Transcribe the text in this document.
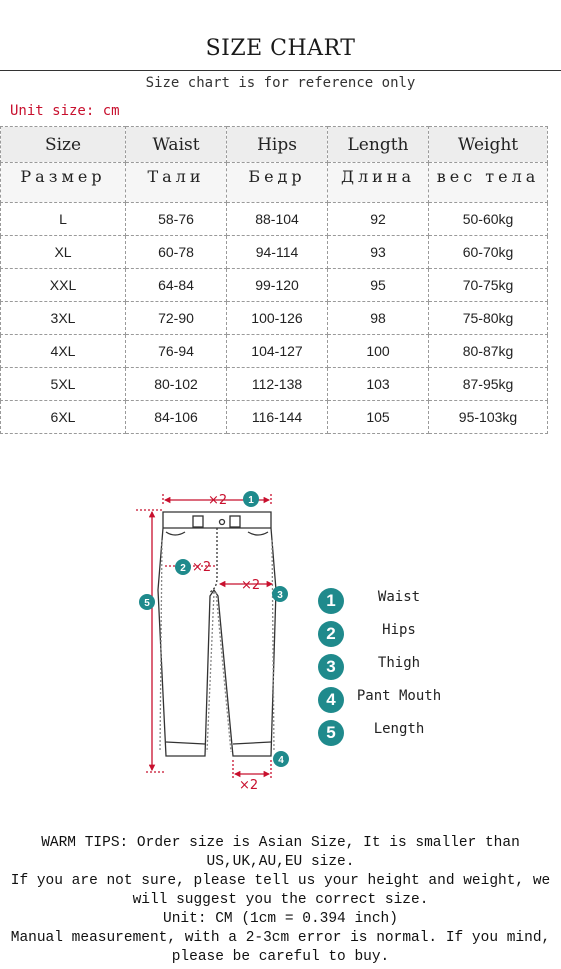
SIZE CHART
Size chart is for reference only
Unit size: cm
Size	Waist	Hips	Length	Weight
Размер	Тали	Бедр	Длина	вес тела
L	58-76	88-104	92	50-60kg
XL	60-78	94-114	93	60-70kg
XXL	64-84	99-120	95	70-75kg
3XL	72-90	100-126	98	75-80kg
4XL	76-94	104-127	100	80-87kg
5XL	80-102	112-138	103	87-95kg
6XL	84-106	116-144	105	95-103kg
×2 1
2 ×2
×2
3
5
×2
4
1	Waist
2	Hips
3	Thigh
4	Pant Mouth
5	Length

WARM TIPS: Order size is Asian Size, It is smaller than US,UK,AU,EU size.

If you are not sure, please tell us your height and weight, we will suggest you the correct size.

Unit: CM (1cm = 0.394 inch)

Manual measurement, with a 2-3cm error is normal. If you mind, please be careful to buy.
